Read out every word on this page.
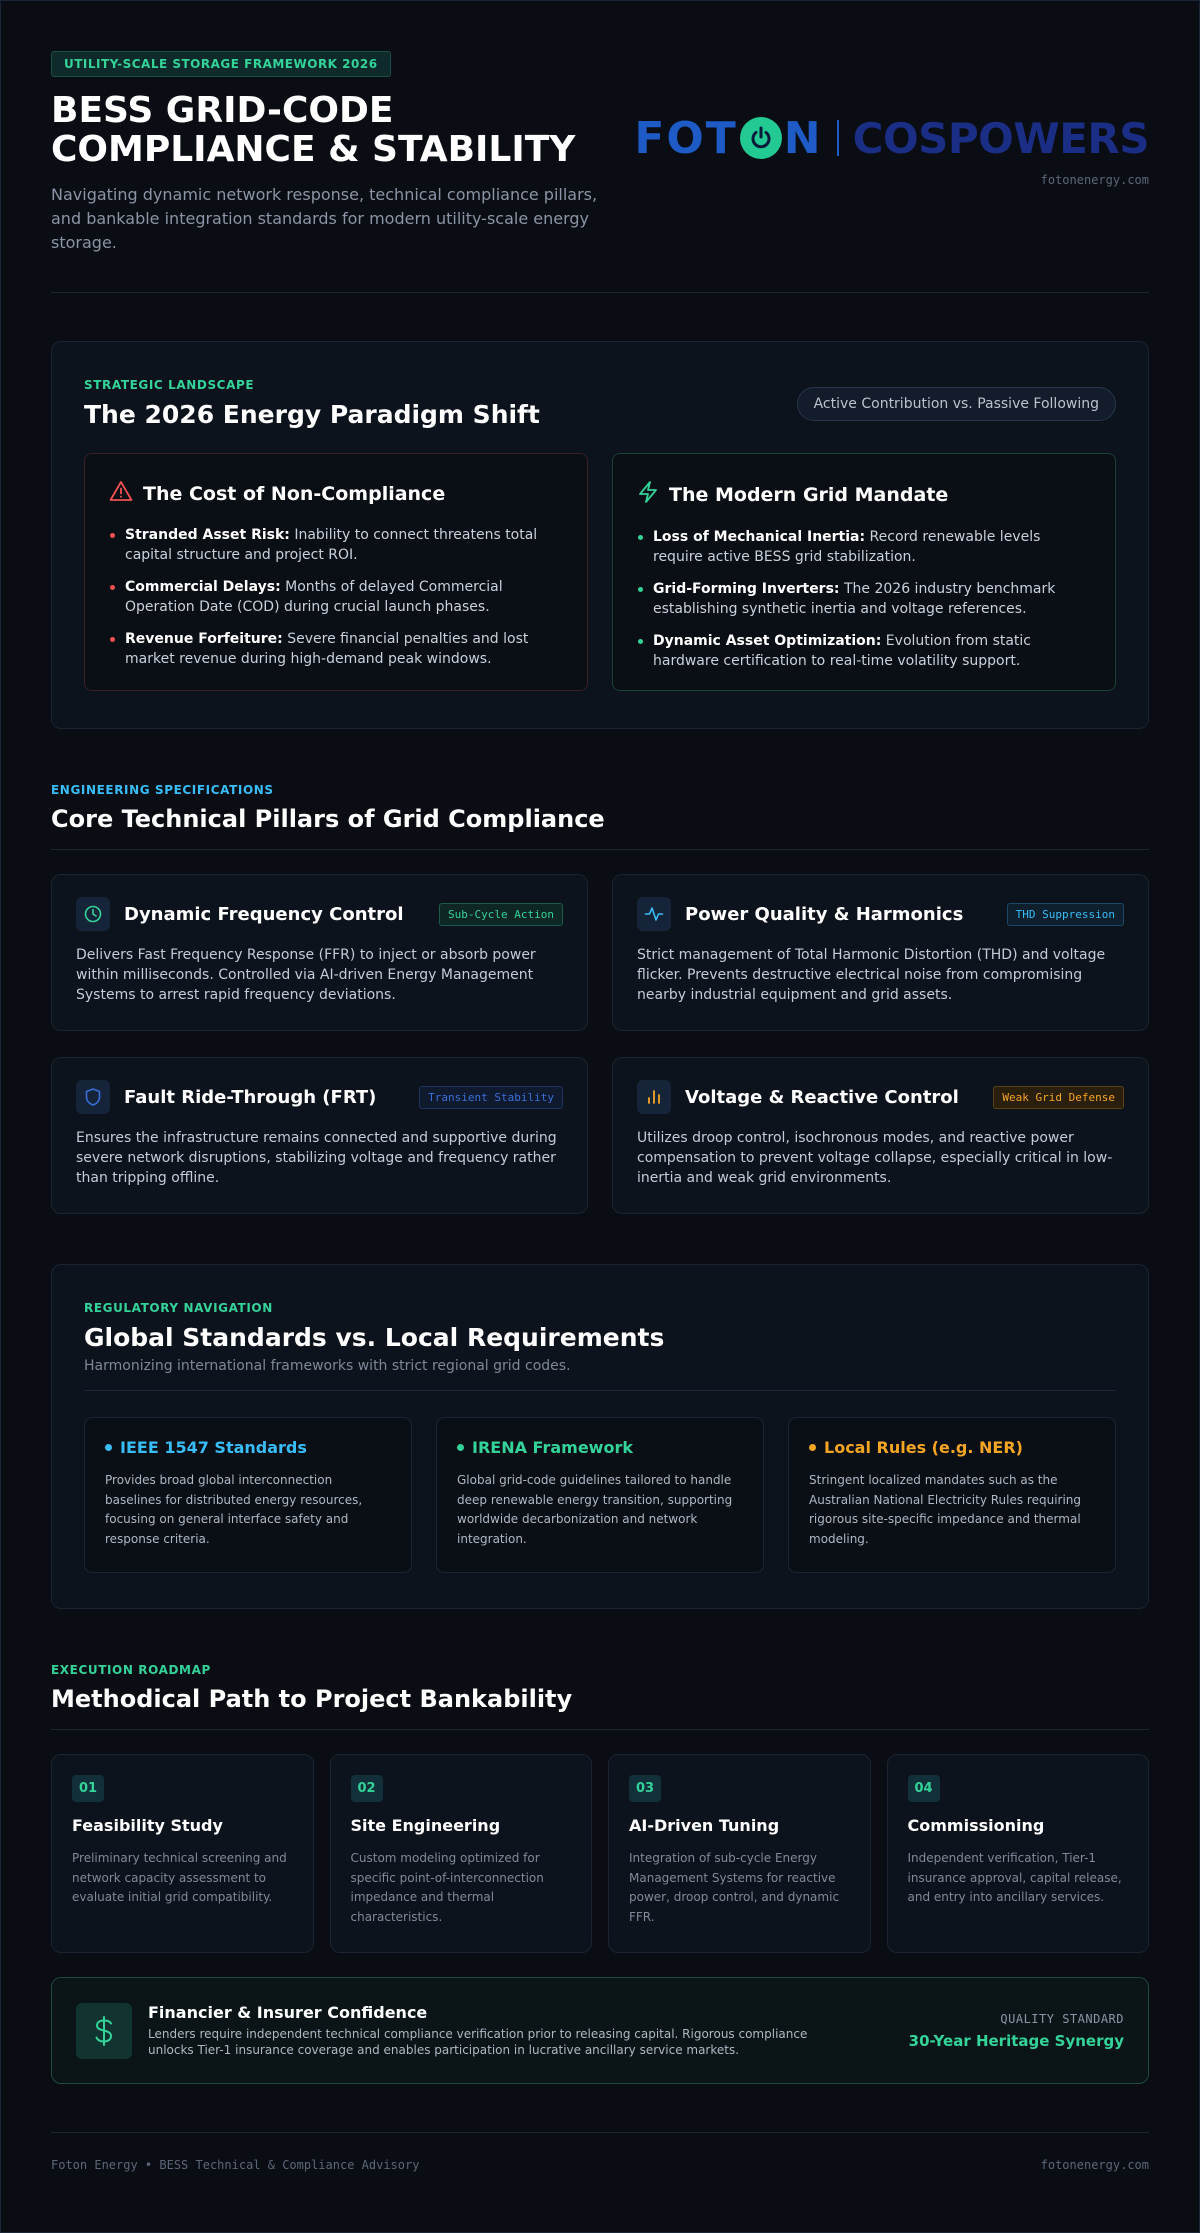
UTILITY-SCALE STORAGE FRAMEWORK 2026
BESS GRID-CODE COMPLIANCE & STABILITY

Navigating dynamic network response, technical compliance pillars, and bankable integration standards for modern utility-scale energy storage.

FOT N COSPOWERS
fotonenergy.com
STRATEGIC LANDSCAPE
The 2026 Energy Paradigm Shift	Active Contribution vs. Passive Following
The Cost of Non-Compliance
Stranded Asset Risk: Inability to connect threatens total capital structure and project ROI.
Commercial Delays: Months of delayed Commercial Operation Date (COD) during crucial launch phases.
Revenue Forfeiture: Severe financial penalties and lost market revenue during high-demand peak windows.
The Modern Grid Mandate
Loss of Mechanical Inertia: Record renewable levels require active BESS grid stabilization.
Grid-Forming Inverters: The 2026 industry benchmark establishing synthetic inertia and voltage references.
Dynamic Asset Optimization: Evolution from static hardware certification to real-time volatility support.
ENGINEERING SPECIFICATIONS
Core Technical Pillars of Grid Compliance
Dynamic Frequency Control	Sub-Cycle Action

Delivers Fast Frequency Response (FFR) to inject or absorb power within milliseconds. Controlled via AI-driven Energy Management Systems to arrest rapid frequency deviations.

Power Quality & Harmonics	THD Suppression

Strict management of Total Harmonic Distortion (THD) and voltage flicker. Prevents destructive electrical noise from compromising nearby industrial equipment and grid assets.

Fault Ride-Through (FRT)	Transient Stability

Ensures the infrastructure remains connected and supportive during severe network disruptions, stabilizing voltage and frequency rather than tripping offline.

Voltage & Reactive Control	Weak Grid Defense

Utilizes droop control, isochronous modes, and reactive power compensation to prevent voltage collapse, especially critical in low-inertia and weak grid environments.

REGULATORY NAVIGATION
Global Standards vs. Local Requirements
Harmonizing international frameworks with strict regional grid codes.
IEEE 1547 Standards

Provides broad global interconnection baselines for distributed energy resources, focusing on general interface safety and response criteria.

IRENA Framework

Global grid-code guidelines tailored to handle deep renewable energy transition, supporting worldwide decarbonization and network integration.

Local Rules (e.g. NER)

Stringent localized mandates such as the Australian National Electricity Rules requiring rigorous site-specific impedance and thermal modeling.

EXECUTION ROADMAP
Methodical Path to Project Bankability
01
Feasibility Study

Preliminary technical screening and network capacity assessment to evaluate initial grid compatibility.

02
Site Engineering

Custom modeling optimized for specific point-of-interconnection impedance and thermal characteristics.

03
AI-Driven Tuning

Integration of sub-cycle Energy Management Systems for reactive power, droop control, and dynamic FFR.

04
Commissioning

Independent verification, Tier-1 insurance approval, capital release, and entry into ancillary services.

Financier & Insurer Confidence
Lenders require independent technical compliance verification prior to releasing capital. Rigorous compliance unlocks Tier-1 insurance coverage and enables participation in lucrative ancillary service markets.
QUALITY STANDARD
30-Year Heritage Synergy
Foton Energy • BESS Technical & Compliance Advisory	fotonenergy.com
